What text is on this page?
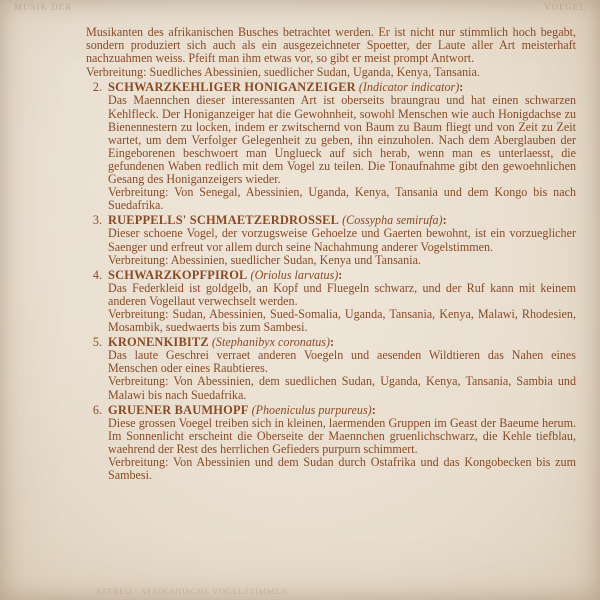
MUSIK DER	VOEGEL
STEREO · AFRIKANISCHE VOGELSTIMMEN

Musikanten des afrikanischen Busches betrachtet werden. Er ist nicht nur stimmlich hoch begabt, sondern produziert sich auch als ein ausgezeichneter Spoetter, der Laute aller Art meisterhaft nachzuahmen weiss. Pfeift man ihm etwas vor, so gibt er meist prompt Antwort.

Verbreitung: Suedliches Abessinien, suedlicher Sudan, Uganda, Kenya, Tansania.

2. SCHWARZKEHLIGER HONIGANZEIGER (Indicator indicator):

Das Maennchen dieser interessanten Art ist oberseits braungrau und hat einen schwarzen Kehlfleck. Der Honiganzeiger hat die Gewohnheit, sowohl Menschen wie auch Honigdachse zu Bienennestern zu locken, indem er zwitschernd von Baum zu Baum fliegt und von Zeit zu Zeit wartet, um dem Verfolger Gelegenheit zu geben, ihn einzuholen. Nach dem Aberglauben der Eingeborenen beschwoert man Unglueck auf sich herab, wenn man es unterlaesst, die gefundenen Waben redlich mit dem Vogel zu teilen. Die Tonaufnahme gibt den gewoehnlichen Gesang des Honiganzeigers wieder.

Verbreitung: Von Senegal, Abessinien, Uganda, Kenya, Tansania und dem Kongo bis nach Suedafrika.

3. RUEPPELLS' SCHMAETZERDROSSEL (Cossypha semirufa):

Dieser schoene Vogel, der vorzugsweise Gehoelze und Gaerten bewohnt, ist ein vorzueglicher Saenger und erfreut vor allem durch seine Nachahmung anderer Vogelstimmen.

Verbreitung: Abessinien, suedlicher Sudan, Kenya und Tansania.

4. SCHWARZKOPFPIROL (Oriolus larvatus):

Das Federkleid ist goldgelb, an Kopf und Fluegeln schwarz, und der Ruf kann mit keinem anderen Vogellaut verwechselt werden.

Verbreitung: Sudan, Abessinien, Sued-Somalia, Uganda, Tansania, Kenya, Malawi, Rhodesien, Mosambik, suedwaerts bis zum Sambesi.

5. KRONENKIBITZ (Stephanibyx coronatus):

Das laute Geschrei verraet anderen Voegeln und aesenden Wildtieren das Nahen eines Menschen oder eines Raubtieres.

Verbreitung: Von Abessinien, dem suedlichen Sudan, Uganda, Kenya, Tansania, Sambia und Malawi bis nach Suedafrika.

6. GRUENER BAUMHOPF (Phoeniculus purpureus):

Diese grossen Voegel treiben sich in kleinen, laermenden Gruppen im Geast der Baeume herum. Im Sonnenlicht erscheint die Oberseite der Maennchen gruenlichschwarz, die Kehle tiefblau, waehrend der Rest des herrlichen Gefieders purpurn schimmert.

Verbreitung: Von Abessinien und dem Sudan durch Ostafrika und das Kongobecken bis zum Sambesi.
